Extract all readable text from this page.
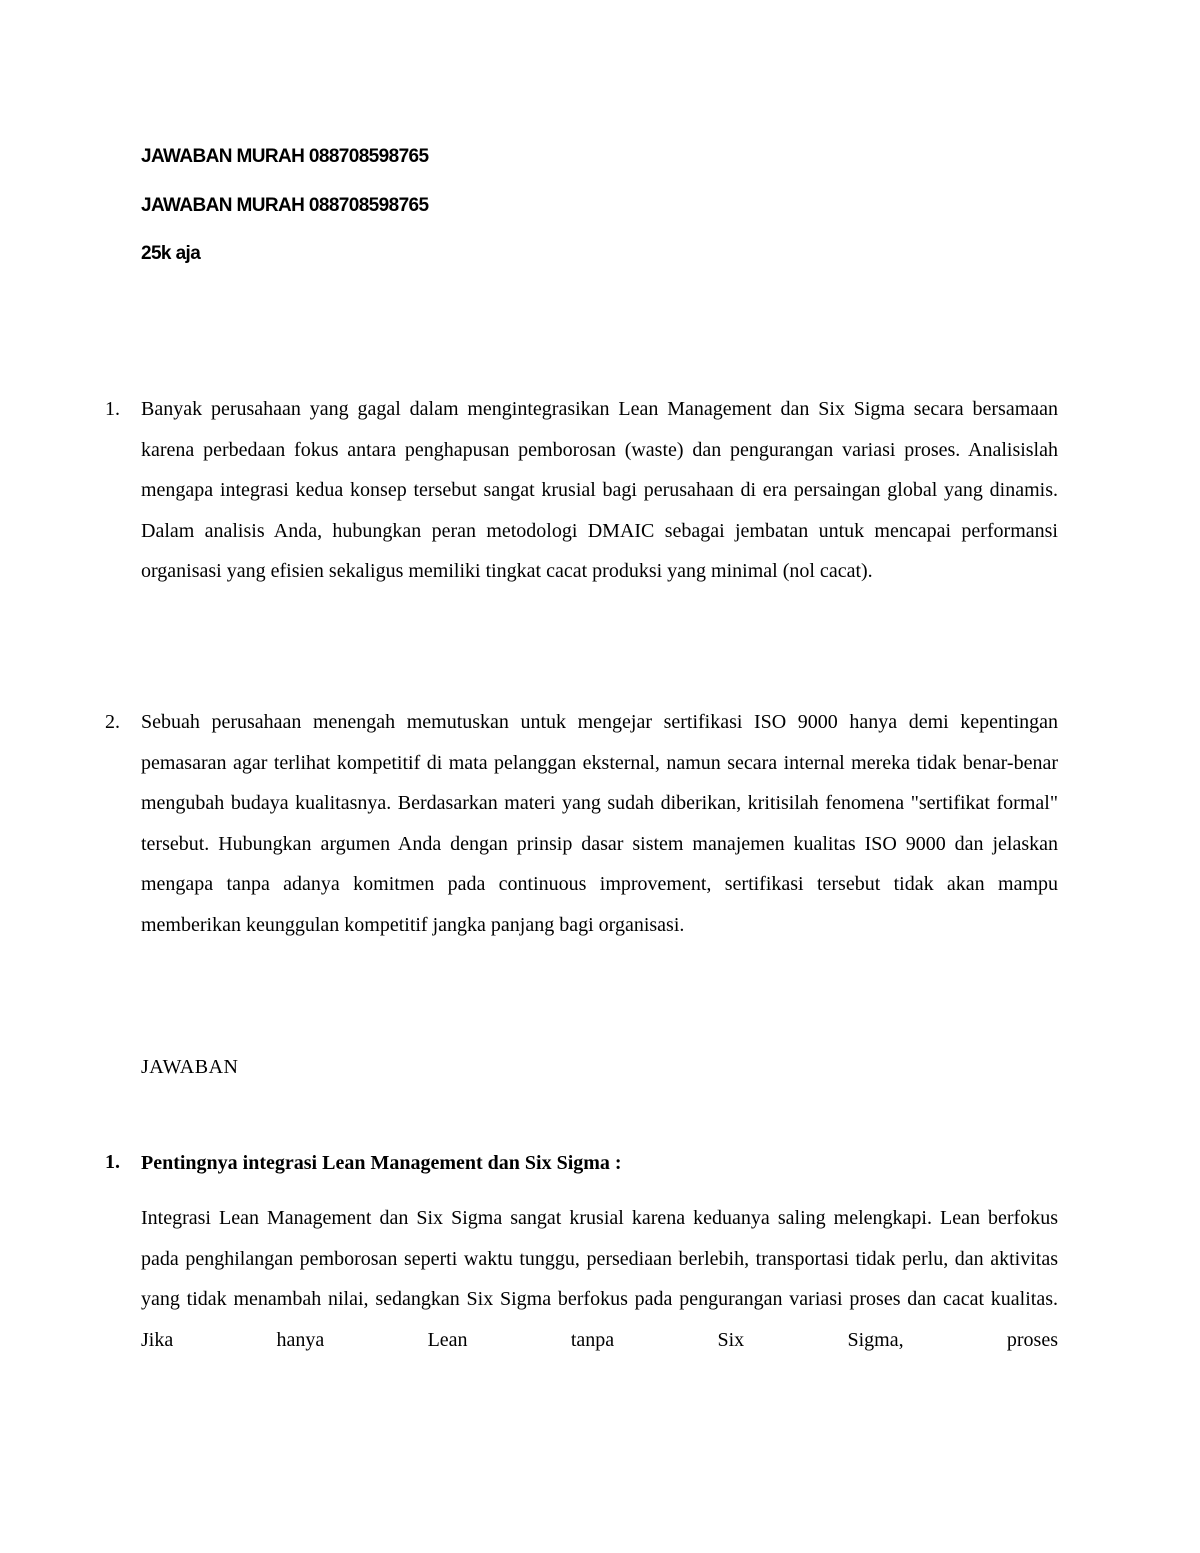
JAWABAN MURAH 088708598765
JAWABAN MURAH 088708598765
25k aja
1. Banyak perusahaan yang gagal dalam mengintegrasikan Lean Management dan Six Sigma secara bersamaan karena perbedaan fokus antara penghapusan pemborosan (waste) dan pengurangan variasi proses. Analisislah mengapa integrasi kedua konsep tersebut sangat krusial bagi perusahaan di era persaingan global yang dinamis. Dalam analisis Anda, hubungkan peran metodologi DMAIC sebagai jembatan untuk mencapai performansi organisasi yang efisien sekaligus memiliki tingkat cacat produksi yang minimal (nol cacat).
2. Sebuah perusahaan menengah memutuskan untuk mengejar sertifikasi ISO 9000 hanya demi kepentingan pemasaran agar terlihat kompetitif di mata pelanggan eksternal, namun secara internal mereka tidak benar-benar mengubah budaya kualitasnya. Berdasarkan materi yang sudah diberikan, kritisilah fenomena "sertifikat formal" tersebut. Hubungkan argumen Anda dengan prinsip dasar sistem manajemen kualitas ISO 9000 dan jelaskan mengapa tanpa adanya komitmen pada continuous improvement, sertifikasi tersebut tidak akan mampu memberikan keunggulan kompetitif jangka panjang bagi organisasi.
JAWABAN
1. Pentingnya integrasi Lean Management dan Six Sigma :
Integrasi Lean Management dan Six Sigma sangat krusial karena keduanya saling melengkapi. Lean berfokus pada penghilangan pemborosan seperti waktu tunggu, persediaan berlebih, transportasi tidak perlu, dan aktivitas yang tidak menambah nilai, sedangkan Six Sigma berfokus pada pengurangan variasi proses dan cacat kualitas. Jika hanya Lean tanpa Six Sigma, proses
